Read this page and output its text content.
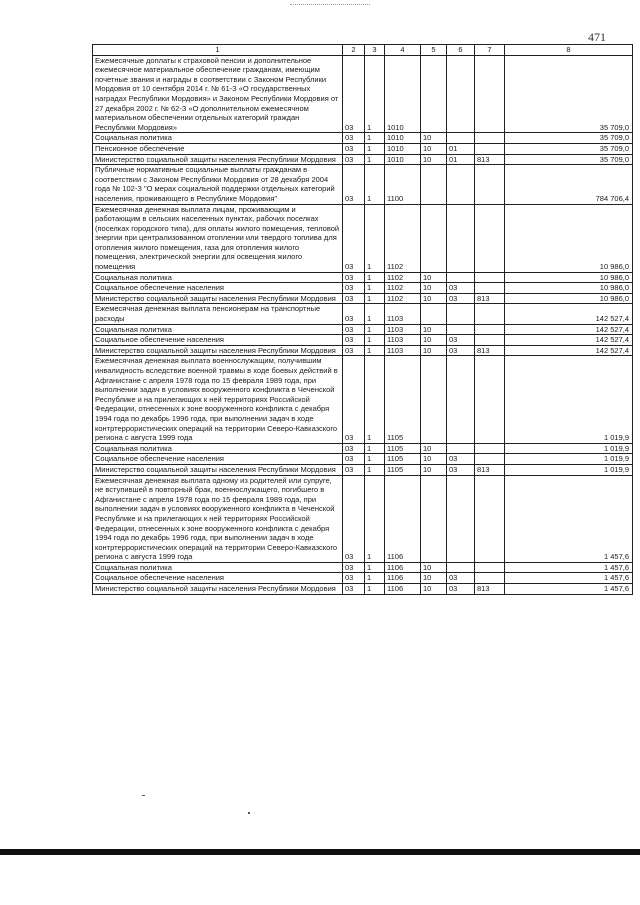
471
1	2	3	4	5	6	7	8
Ежемесячные доплаты к страховой пенсии и дополнительное ежемесячное материальное обеспечение гражданам, имеющим почетные звания и награды в соответствии с Законом Республики Мордовия от 10 сентября 2014 г. № 61-З «О государственных наградах Республики Мордовия» и Законом Республики Мордовия от 27 декабря 2002 г. № 62-З «О дополнительном ежемесячном материальном обеспечении отдельных категорий граждан Республики Мордовия»	03	1	1010				35 709,0
Социальная политика	03	1	1010	10			35 709,0
Пенсионное обеспечение	03	1	1010	10	01		35 709,0
Министерство социальной защиты населения Республики Мордовия	03	1	1010	10	01	813	35 709,0
Публичные нормативные социальные выплаты гражданам в соответствии с Законом Республики Мордовия от 28 декабря 2004 года № 102-З "О мерах социальной поддержки отдельных категорий населения, проживающего в Республике Мордовия"	03	1	1100				784 706,4
Ежемесячная денежная выплата лицам, проживающим и работающим в сельских населенных пунктах, рабочих поселках (поселках городского типа), для оплаты жилого помещения, тепловой энергии при централизованном отоплении или твердого топлива для отопления жилого помещения, газа для отопления жилого помещения, электрической энергии для освещения жилого помещения	03	1	1102				10 986,0
Социальная политика	03	1	1102	10			10 986,0
Социальное обеспечение населения	03	1	1102	10	03		10 986,0
Министерство социальной защиты населения Республики Мордовия	03	1	1102	10	03	813	10 986,0
Ежемесячная денежная выплата пенсионерам на транспортные расходы	03	1	1103				142 527,4
Социальная политика	03	1	1103	10			142 527,4
Социальное обеспечение населения	03	1	1103	10	03		142 527,4
Министерство социальной защиты населения Республики Мордовия	03	1	1103	10	03	813	142 527,4
Ежемесячная денежная выплата военнослужащим, получившим инвалидность вследствие военной травмы в ходе боевых действий в Афганистане с апреля 1978 года по 15 февраля 1989 года, при выполнении задач в условиях вооруженного конфликта в Чеченской Республике и на прилегающих к ней территориях Российской Федерации, отнесенных к зоне вооруженного конфликта с декабря 1994 года по декабрь 1996 года, при выполнении задач в ходе контртеррористических операций на территории Северо-Кавказского региона с августа 1999 года	03	1	1105				1 019,9
Социальная политика	03	1	1105	10			1 019,9
Социальное обеспечение населения	03	1	1105	10	03		1 019,9
Министерство социальной защиты населения Республики Мордовия	03	1	1105	10	03	813	1 019,9
Ежемесячная денежная выплата одному из родителей или супруге, не вступившей в повторный брак, военнослужащего, погибшего в Афганистане с апреля 1978 года по 15 февраля 1989 года, при выполнении задач в условиях вооруженного конфликта в Чеченской Республике и на прилегающих к ней территориях Российской Федерации, отнесенных к зоне вооруженного конфликта с декабря 1994 года по декабрь 1996 года, при выполнении задач в ходе контртеррористических операций на территории Северо-Кавказского региона с августа 1999 года	03	1	1106				1 457,6
Социальная политика	03	1	1106	10			1 457,6
Социальное обеспечение населения	03	1	1106	10	03		1 457,6
Министерство социальной защиты населения Республики Мордовия	03	1	1106	10	03	813	1 457,6
